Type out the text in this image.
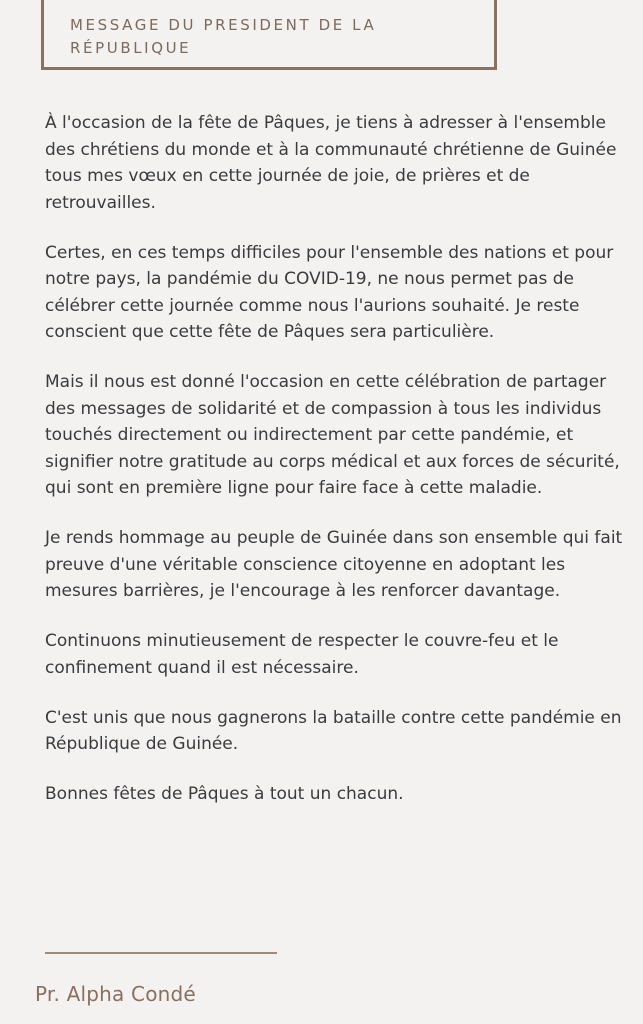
MESSAGE DU PRESIDENT DE LA RÉPUBLIQUE

À l'occasion de la fête de Pâques, je tiens à adresser à l'ensemble des chrétiens du monde et à la communauté chrétienne de Guinée tous mes vœux en cette journée de joie, de prières et de retrouvailles.

Certes, en ces temps difficiles pour l'ensemble des nations et pour notre pays, la pandémie du COVID-19, ne nous permet pas de célébrer cette journée comme nous l'aurions souhaité. Je reste conscient que cette fête de Pâques sera particulière.

Mais il nous est donné l'occasion en cette célébration de partager des messages de solidarité et de compassion à tous les individus touchés directement ou indirectement par cette pandémie, et signifier notre gratitude au corps médical et aux forces de sécurité, qui sont en première ligne pour faire face à cette maladie.

Je rends hommage au peuple de Guinée dans son ensemble qui fait preuve d'une véritable conscience citoyenne en adoptant les mesures barrières, je l'encourage à les renforcer davantage.

Continuons minutieusement de respecter le couvre-feu et le confinement quand il est nécessaire.

C'est unis que nous gagnerons la bataille contre cette pandémie en République de Guinée.

Bonnes fêtes de Pâques à tout un chacun.

Pr. Alpha Condé
